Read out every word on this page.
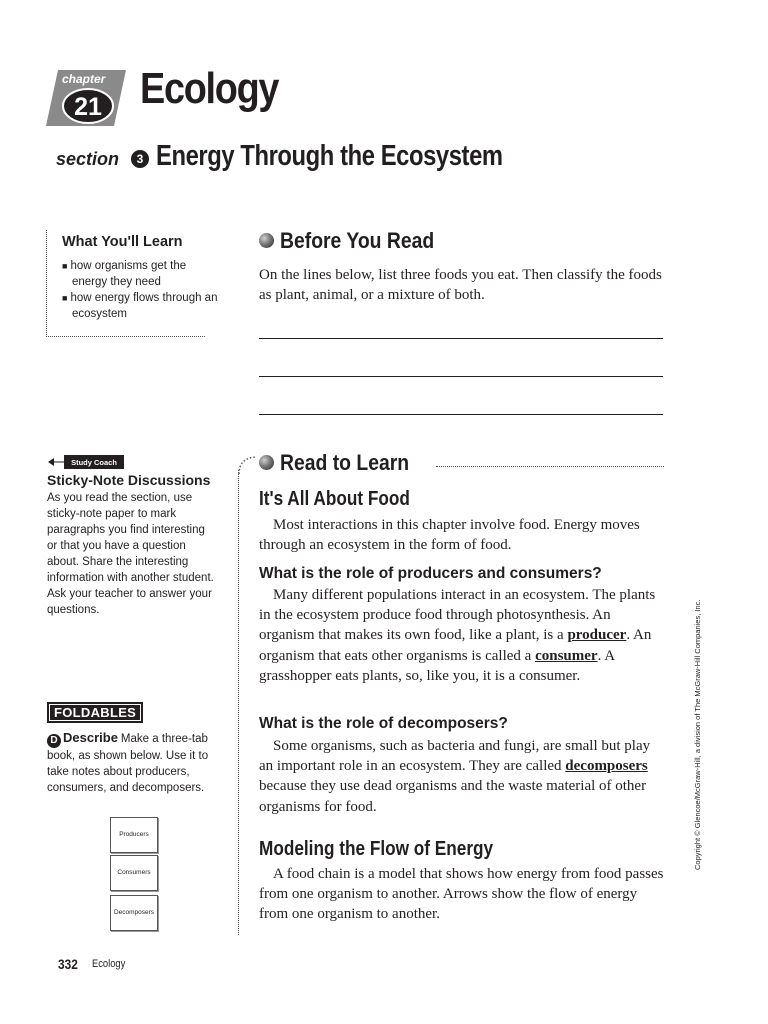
chapter
21 Ecology
section	3 Energy Through the Ecosystem
What You'll Learn
■ how organisms get the energy they need
■ how energy flows through an ecosystem
Before You Read
On the lines below, list three foods you eat. Then classify the foods as plant, animal, or a mixture of both.
Study Coach
Sticky-Note Discussions
As you read the section, use sticky-note paper to mark paragraphs you find interesting or that you have a question about. Share the interesting information with another student. Ask your teacher to answer your questions.
FOLDABLES
D Describe Make a three-tab book, as shown below. Use it to take notes about producers, consumers, and decomposers.
Producers
Consumers
Decomposers
Read to Learn
It's All About Food
Most interactions in this chapter involve food. Energy moves through an ecosystem in the form of food.
What is the role of producers and consumers?
Many different populations interact in an ecosystem. The plants in the ecosystem produce food through photosynthesis. An organism that makes its own food, like a plant, is a producer. An organism that eats other organisms is called a consumer. A grasshopper eats plants, so, like you, it is a consumer.
What is the role of decomposers?
Some organisms, such as bacteria and fungi, are small but play an important role in an ecosystem. They are called decomposers because they use dead organisms and the waste material of other organisms for food.
Modeling the Flow of Energy
A food chain is a model that shows how energy from food passes from one organism to another. Arrows show the flow of energy from one organism to another.
Copyright © Glencoe/McGraw-Hill, a division of The McGraw-Hill Companies, Inc.
332 Ecology
